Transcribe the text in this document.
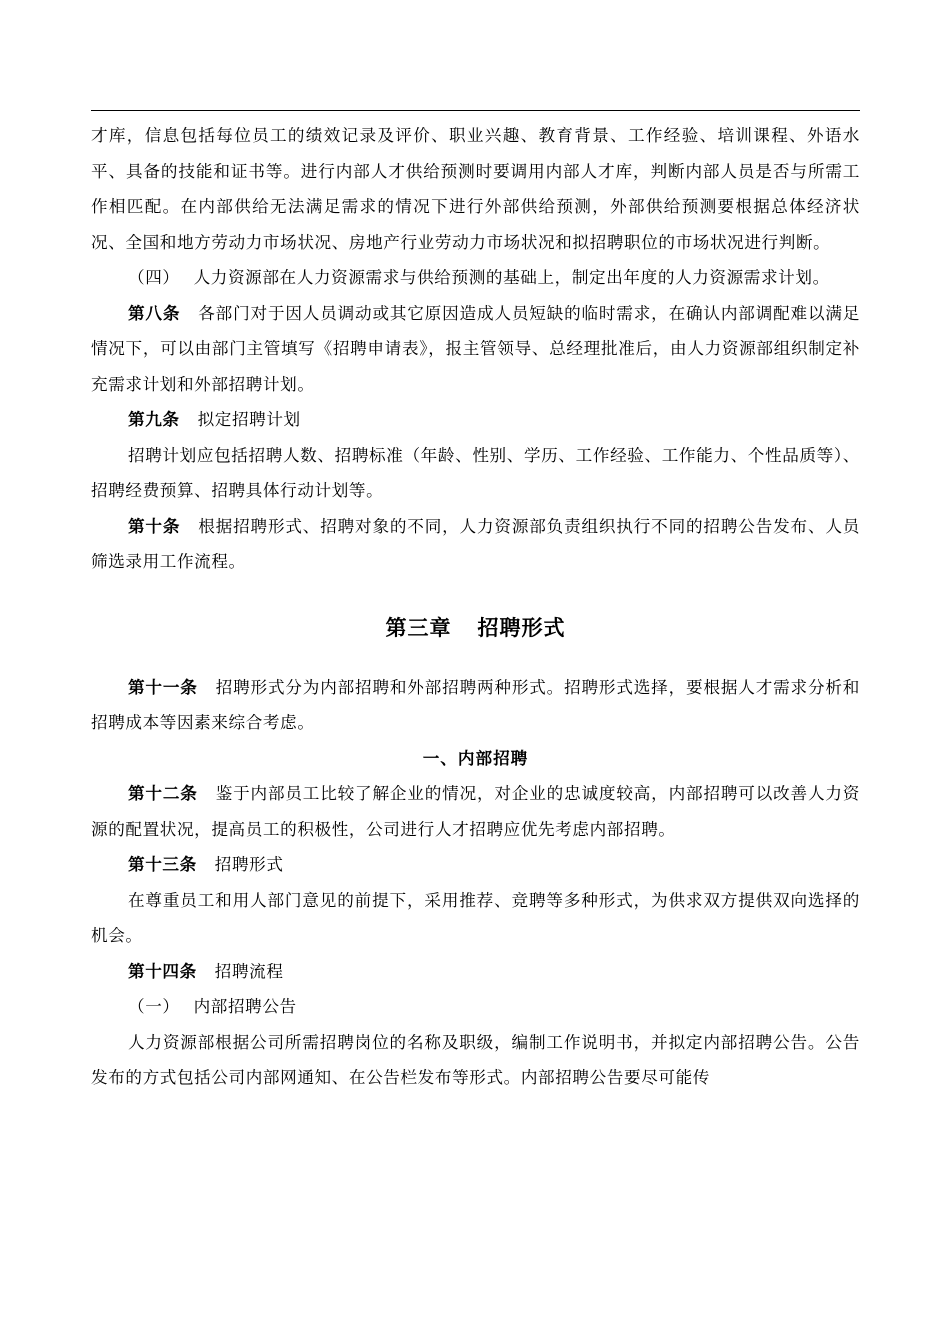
才库，信息包括每位员工的绩效记录及评价、职业兴趣、教育背景、工作经验、培训课程、外语水平、具备的技能和证书等。进行内部人才供给预测时要调用内部人才库，判断内部人员是否与所需工作相匹配。在内部供给无法满足需求的情况下进行外部供给预测，外部供给预测要根据总体经济状况、全国和地方劳动力市场状况、房地产行业劳动力市场状况和拟招聘职位的市场状况进行判断。

（四） 人力资源部在人力资源需求与供给预测的基础上，制定出年度的人力资源需求计划。

第八条 各部门对于因人员调动或其它原因造成人员短缺的临时需求，在确认内部调配难以满足情况下，可以由部门主管填写《招聘申请表》，报主管领导、总经理批准后，由人力资源部组织制定补充需求计划和外部招聘计划。

第九条 拟定招聘计划

招聘计划应包括招聘人数、招聘标准（年龄、性别、学历、工作经验、工作能力、个性品质等）、招聘经费预算、招聘具体行动计划等。

第十条 根据招聘形式、招聘对象的不同，人力资源部负责组织执行不同的招聘公告发布、人员筛选录用工作流程。

第三章 招聘形式

第十一条 招聘形式分为内部招聘和外部招聘两种形式。招聘形式选择，要根据人才需求分析和招聘成本等因素来综合考虑。

一、内部招聘

第十二条 鉴于内部员工比较了解企业的情况，对企业的忠诚度较高，内部招聘可以改善人力资源的配置状况，提高员工的积极性，公司进行人才招聘应优先考虑内部招聘。

第十三条 招聘形式

在尊重员工和用人部门意见的前提下，采用推荐、竞聘等多种形式，为供求双方提供双向选择的机会。

第十四条 招聘流程

（一） 内部招聘公告

人力资源部根据公司所需招聘岗位的名称及职级，编制工作说明书，并拟定内部招聘公告。公告发布的方式包括公司内部网通知、在公告栏发布等形式。内部招聘公告要尽可能传
